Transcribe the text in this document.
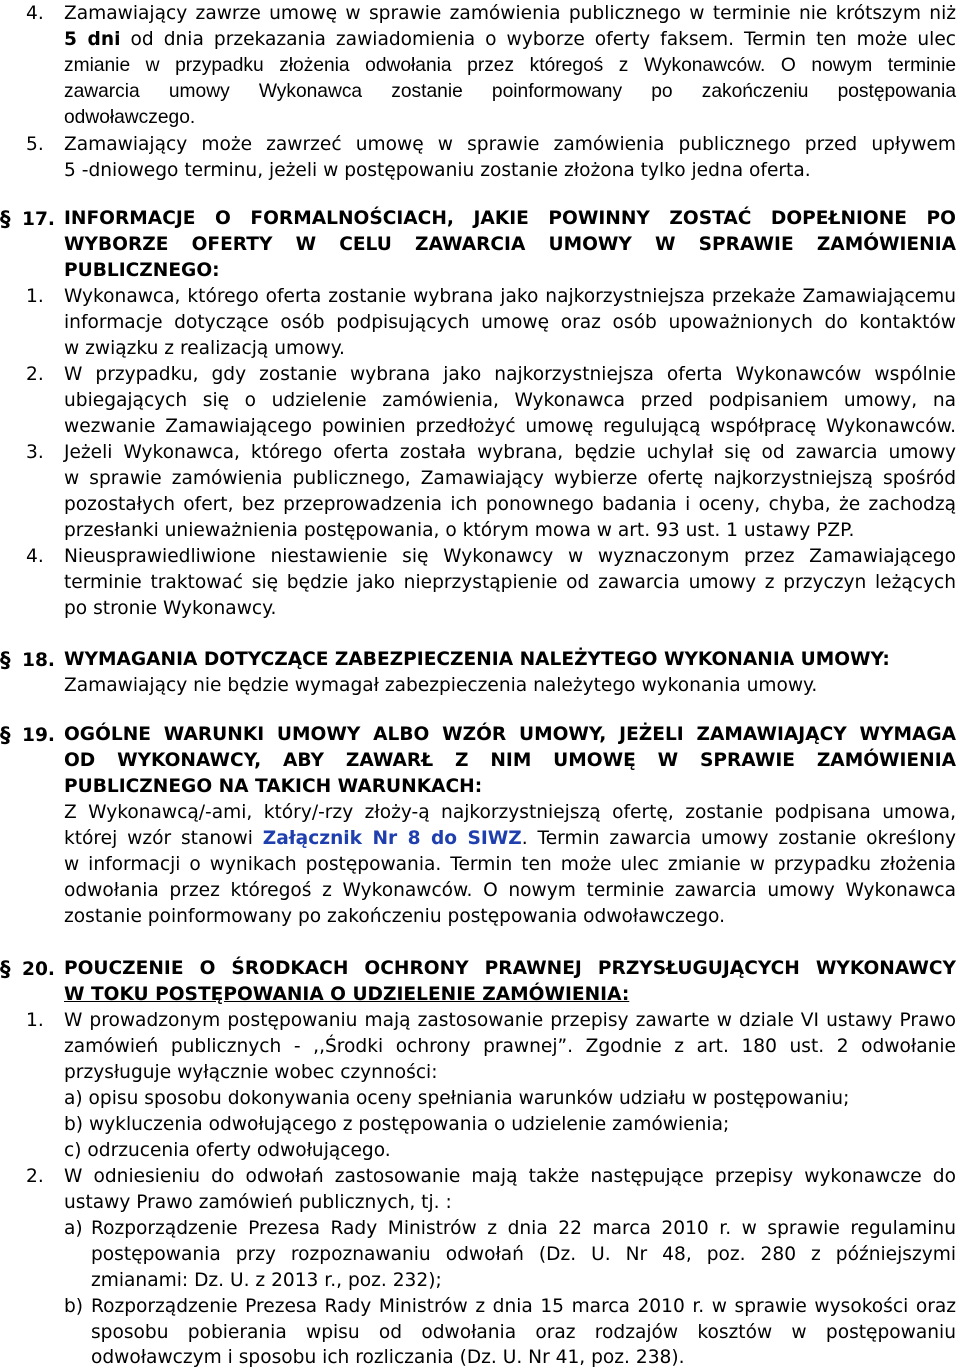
4. Zamawiający zawrze umowę w sprawie zamówienia publicznego w terminie nie krótszym niż
5 dni od dnia przekazania zawiadomienia o wyborze oferty faksem. Termin ten może ulec
zmianie w przypadku złożenia odwołania przez któregoś z Wykonawców. O nowym terminie
zawarcia umowy Wykonawca zostanie poinformowany po zakończeniu postępowania
odwoławczego.
5. Zamawiający może zawrzeć umowę w sprawie zamówienia publicznego przed upływem
5 -dniowego terminu, jeżeli w postępowaniu zostanie złożona tylko jedna oferta.
§ 17. INFORMACJE O FORMALNOŚCIACH, JAKIE POWINNY ZOSTAĆ DOPEŁNIONE PO
WYBORZE OFERTY W CELU ZAWARCIA UMOWY W SPRAWIE ZAMÓWIENIA
PUBLICZNEGO:
1. Wykonawca, którego oferta zostanie wybrana jako najkorzystniejsza przekaże Zamawiającemu
informacje dotyczące osób podpisujących umowę oraz osób upoważnionych do kontaktów
w związku z realizacją umowy.
2. W przypadku, gdy zostanie wybrana jako najkorzystniejsza oferta Wykonawców wspólnie
ubiegających się o udzielenie zamówienia, Wykonawca przed podpisaniem umowy, na
wezwanie Zamawiającego powinien przedłożyć umowę regulującą współpracę Wykonawców.
3. Jeżeli Wykonawca, którego oferta została wybrana, będzie uchylał się od zawarcia umowy
w sprawie zamówienia publicznego, Zamawiający wybierze ofertę najkorzystniejszą spośród
pozostałych ofert, bez przeprowadzenia ich ponownego badania i oceny, chyba, że zachodzą
przesłanki unieważnienia postępowania, o którym mowa w art. 93 ust. 1 ustawy PZP.
4. Nieusprawiedliwione niestawienie się Wykonawcy w wyznaczonym przez Zamawiającego
terminie traktować się będzie jako nieprzystąpienie od zawarcia umowy z przyczyn leżących
po stronie Wykonawcy.
§ 18. WYMAGANIA DOTYCZĄCE ZABEZPIECZENIA NALEŻYTEGO WYKONANIA UMOWY:
Zamawiający nie będzie wymagał zabezpieczenia należytego wykonania umowy.
§ 19. OGÓLNE WARUNKI UMOWY ALBO WZÓR UMOWY, JEŻELI ZAMAWIAJĄCY WYMAGA
OD WYKONAWCY, ABY ZAWARŁ Z NIM UMOWĘ W SPRAWIE ZAMÓWIENIA
PUBLICZNEGO NA TAKICH WARUNKACH:
Z Wykonawcą/-ami, który/-rzy złoży-ą najkorzystniejszą ofertę, zostanie podpisana umowa,
której wzór stanowi Załącznik Nr 8 do SIWZ. Termin zawarcia umowy zostanie określony
w informacji o wynikach postępowania. Termin ten może ulec zmianie w przypadku złożenia
odwołania przez któregoś z Wykonawców. O nowym terminie zawarcia umowy Wykonawca
zostanie poinformowany po zakończeniu postępowania odwoławczego.
§ 20. POUCZENIE O ŚRODKACH OCHRONY PRAWNEJ PRZYSŁUGUJĄCYCH WYKONAWCY
W TOKU POSTĘPOWANIA O UDZIELENIE ZAMÓWIENIA:
1. W prowadzonym postępowaniu mają zastosowanie przepisy zawarte w dziale VI ustawy Prawo
zamówień publicznych - ,,Środki ochrony prawnej”. Zgodnie z art. 180 ust. 2 odwołanie
przysługuje wyłącznie wobec czynności:
a) opisu sposobu dokonywania oceny spełniania warunków udziału w postępowaniu;
b) wykluczenia odwołującego z postępowania o udzielenie zamówienia;
c) odrzucenia oferty odwołującego.
2. W odniesieniu do odwołań zastosowanie mają także następujące przepisy wykonawcze do
ustawy Prawo zamówień publicznych, tj. :
a) Rozporządzenie Prezesa Rady Ministrów z dnia 22 marca 2010 r. w sprawie regulaminu
postępowania przy rozpoznawaniu odwołań (Dz. U. Nr 48, poz. 280 z późniejszymi
zmianami: Dz. U. z 2013 r., poz. 232);
b) Rozporządzenie Prezesa Rady Ministrów z dnia 15 marca 2010 r. w sprawie wysokości oraz
sposobu pobierania wpisu od odwołania oraz rodzajów kosztów w postępowaniu
odwoławczym i sposobu ich rozliczania (Dz. U. Nr 41, poz. 238).
